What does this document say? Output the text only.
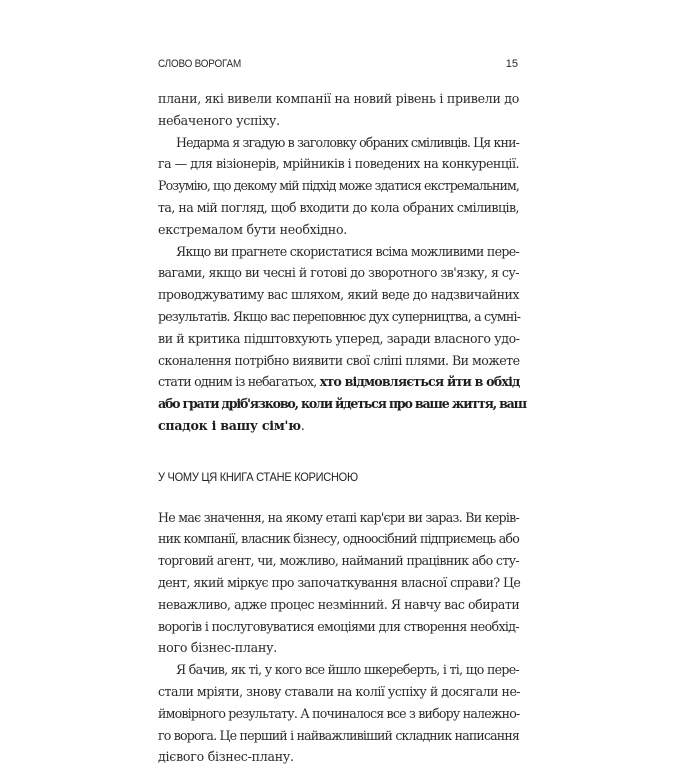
СЛОВО ВОРОГАМ	15

плани, які вивели компанії на новий рівень і привели до
небаченого успіху.

Недарма я згадую в заголовку обраних сміливців. Ця кни-
га — для візіонерів, мрійників і поведених на конкуренції.
Розумію, що декому мій підхід може здатися екстремальним,
та, на мій погляд, щоб входити до кола обраних сміливців,
екстремалом бути необхідно.

Якщо ви прагнете скористатися всіма можливими пере-
вагами, якщо ви чесні й готові до зворотного зв'язку, я су-
проводжуватиму вас шляхом, який веде до надзвичайних
результатів. Якщо вас переповнює дух суперництва, а сумні-
ви й критика підштовхують уперед, заради власного удо-
сконалення потрібно виявити свої сліпі плями. Ви можете
стати одним із небагатьох, хто відмовляється йти в обхід
або грати дріб'язково, коли йдеться про ваше життя, ваш
спадок і вашу сім'ю.

У ЧОМУ ЦЯ КНИГА СТАНЕ КОРИСНОЮ

Не має значення, на якому етапі кар'єри ви зараз. Ви керів-
ник компанії, власник бізнесу, одноосібний підприємець або
торговий агент, чи, можливо, найманий працівник або сту-
дент, який міркує про започаткування власної справи? Це
неважливо, адже процес незмінний. Я навчу вас обирати
ворогів і послуговуватися емоціями для створення необхід-
ного бізнес-плану.

Я бачив, як ті, у кого все йшло шкереберть, і ті, що пере-
стали мріяти, знову ставали на колії успіху й досягали не-
ймовірного результату. А починалося все з вибору належно-
го ворога. Це перший і найважливіший складник написання
дієвого бізнес-плану.
